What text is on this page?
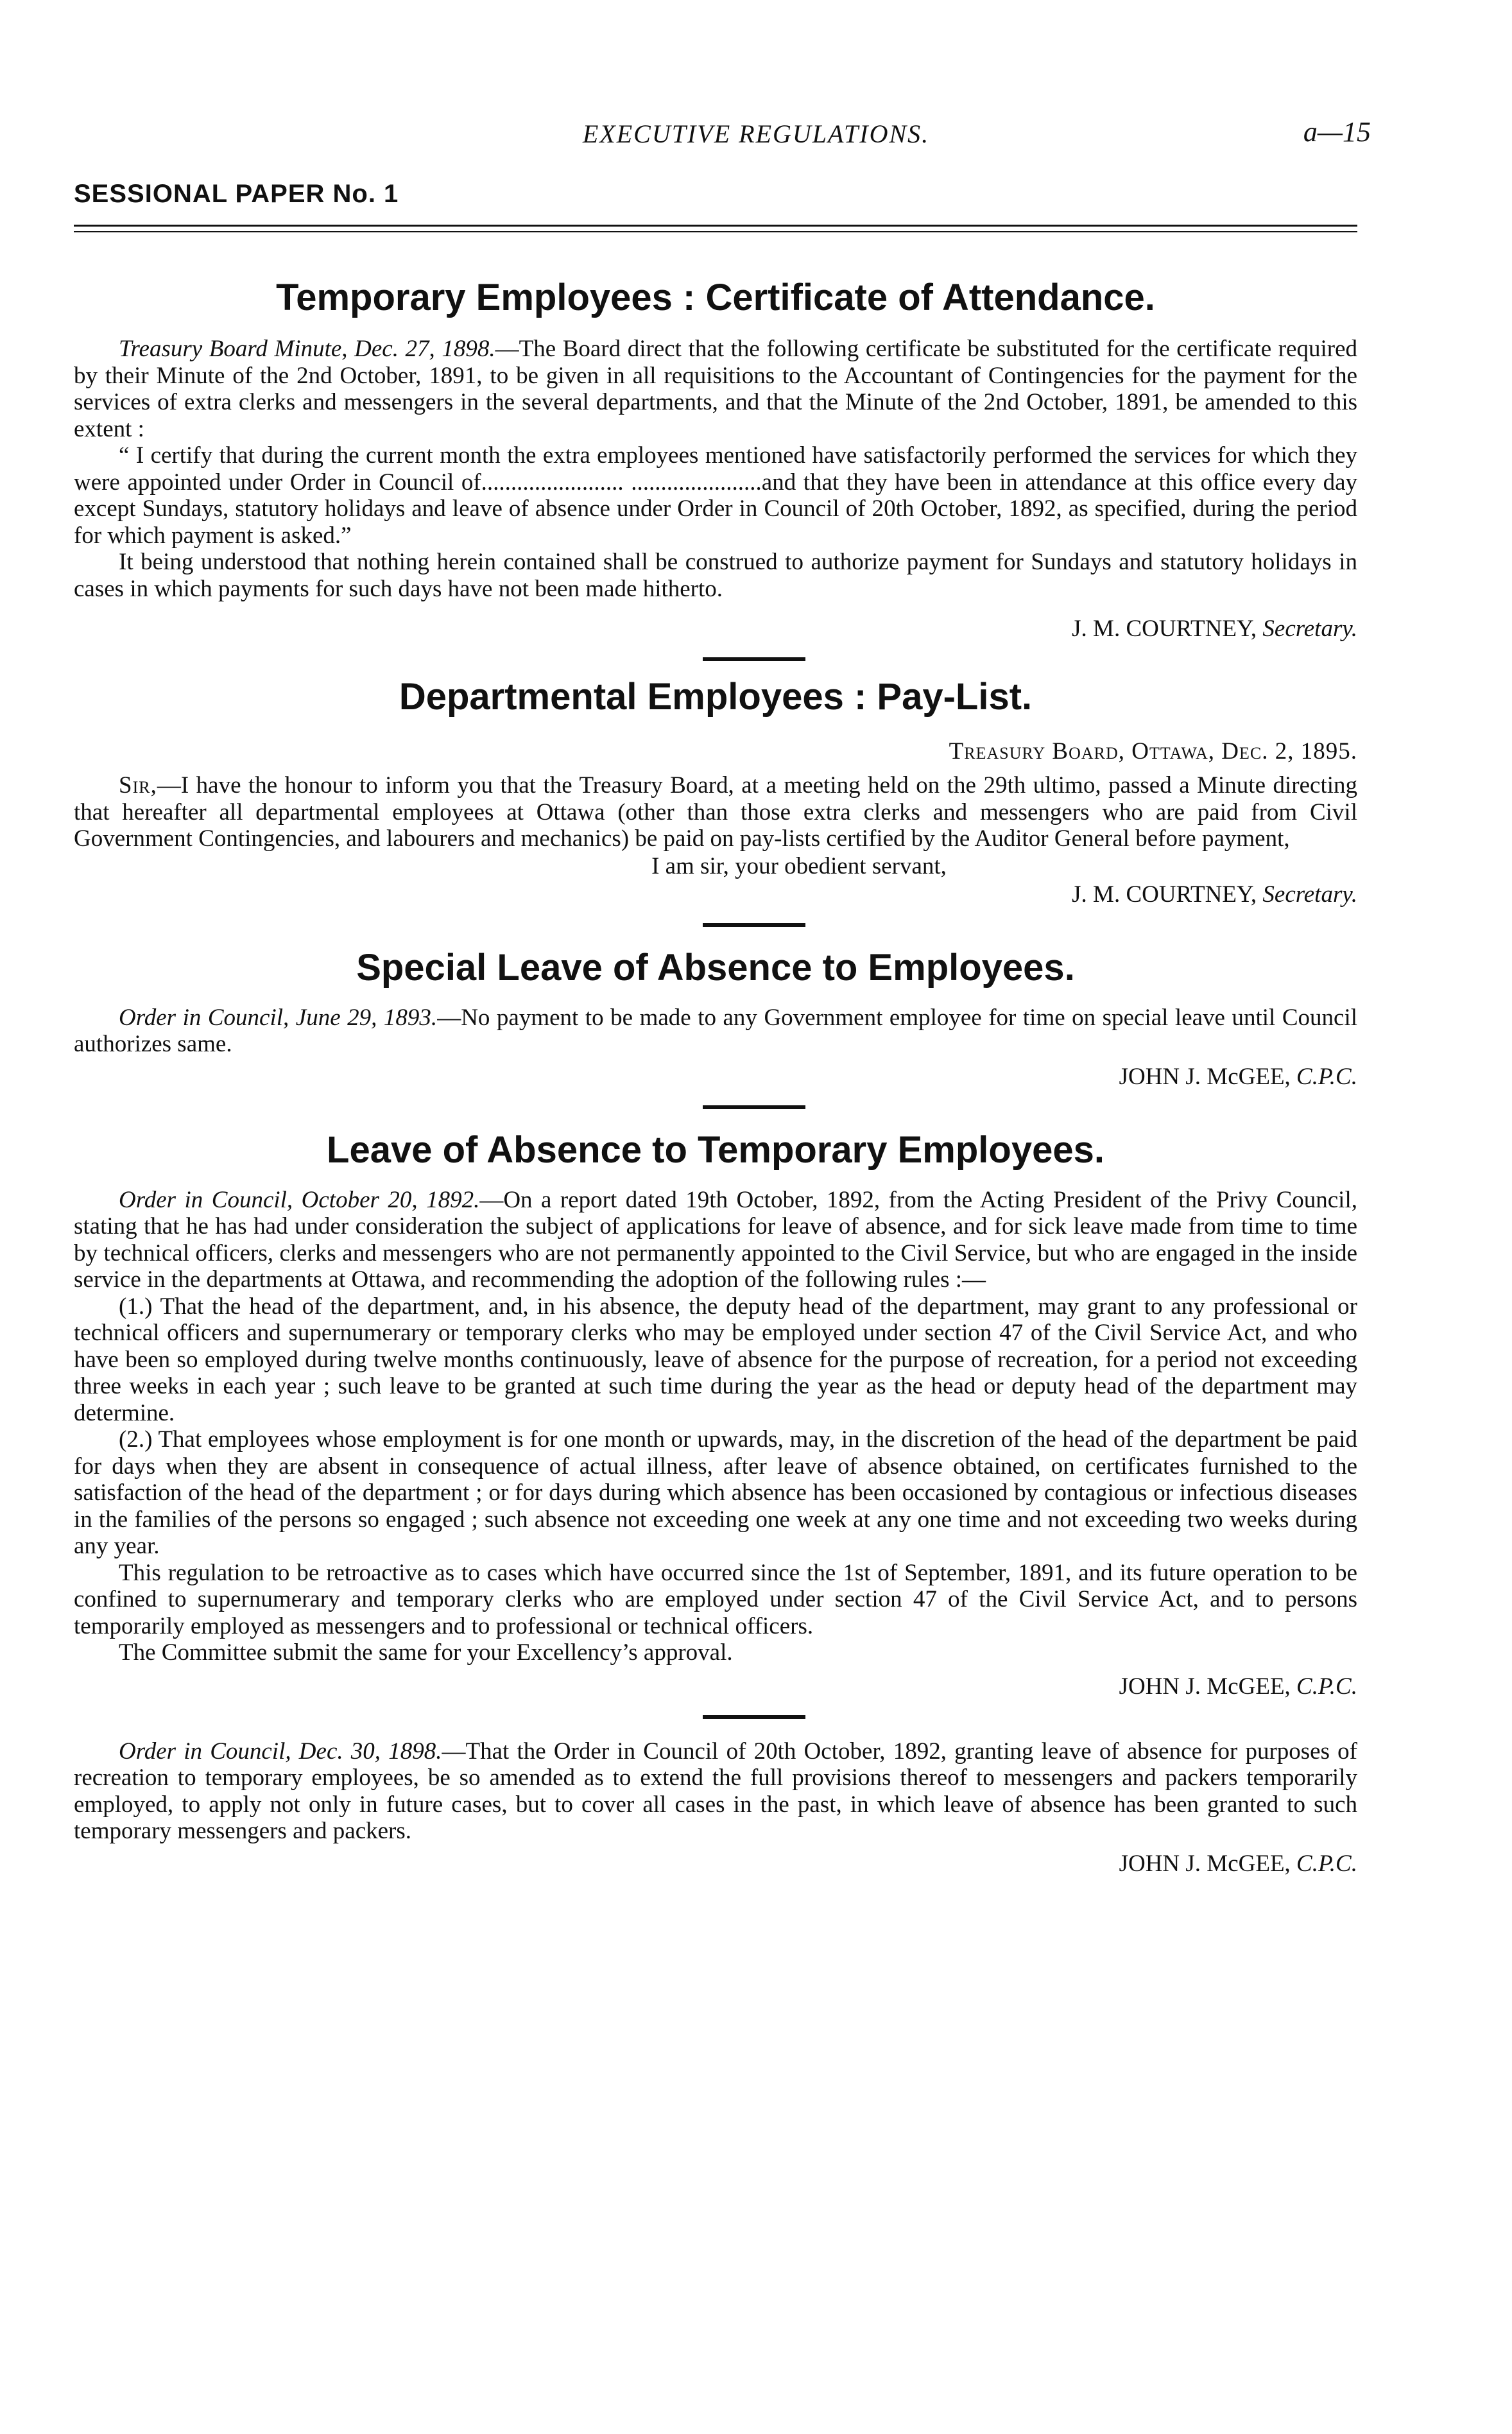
EXECUTIVE REGULATIONS.	a—15
SESSIONAL PAPER No. 1
Temporary Employees : Certificate of Attendance.

Treasury Board Minute, Dec. 27, 1898.—The Board direct that the following certificate be substituted for the certificate required by their Minute of the 2nd October, 1891, to be given in all requisitions to the Accountant of Contingencies for the payment for the services of extra clerks and messengers in the several departments, and that the Minute of the 2nd October, 1891, be amended to this extent :

“ I certify that during the current month the extra employees mentioned have satisfactorily performed the services for which they were appointed under Order in Council of........................ ......................and that they have been in attendance at this office every day except Sundays, statutory holidays and leave of absence under Order in Council of 20th October, 1892, as specified, during the period for which payment is asked.”

It being understood that nothing herein contained shall be construed to authorize payment for Sundays and statutory holidays in cases in which payments for such days have not been made hitherto.

J. M. COURTNEY, Secretary.
Departmental Employees : Pay-List.
Treasury Board, Ottawa, Dec. 2, 1895.

Sir,—I have the honour to inform you that the Treasury Board, at a meeting held on the 29th ultimo, passed a Minute directing that hereafter all departmental employees at Ottawa (other than those extra clerks and messengers who are paid from Civil Government Contingencies, and labourers and mechanics) be paid on pay-lists certified by the Auditor General before payment,

I am sir, your obedient servant,
J. M. COURTNEY, Secretary.
Special Leave of Absence to Employees.

Order in Council, June 29, 1893.—No payment to be made to any Government employee for time on special leave until Council authorizes same.

JOHN J. McGEE, C.P.C.
Leave of Absence to Temporary Employees.

Order in Council, October 20, 1892.—On a report dated 19th October, 1892, from the Acting President of the Privy Council, stating that he has had under consideration the subject of applications for leave of absence, and for sick leave made from time to time by technical officers, clerks and messengers who are not permanently appointed to the Civil Service, but who are engaged in the inside service in the departments at Ottawa, and recommending the adoption of the following rules :—

(1.) That the head of the department, and, in his absence, the deputy head of the department, may grant to any professional or technical officers and supernumerary or temporary clerks who may be employed under section 47 of the Civil Service Act, and who have been so employed during twelve months continuously, leave of absence for the purpose of recreation, for a period not exceeding three weeks in each year ; such leave to be granted at such time during the year as the head or deputy head of the department may determine.

(2.) That employees whose employment is for one month or upwards, may, in the discretion of the head of the department be paid for days when they are absent in consequence of actual illness, after leave of absence obtained, on certificates furnished to the satisfaction of the head of the department ; or for days during which absence has been occasioned by contagious or infectious diseases in the families of the persons so engaged ; such absence not exceeding one week at any one time and not exceeding two weeks during any year.

This regulation to be retroactive as to cases which have occurred since the 1st of September, 1891, and its future operation to be confined to supernumerary and temporary clerks who are employed under section 47 of the Civil Service Act, and to persons temporarily employed as messengers and to professional or technical officers.

The Committee submit the same for your Excellency’s approval.

JOHN J. McGEE, C.P.C.

Order in Council, Dec. 30, 1898.—That the Order in Council of 20th October, 1892, granting leave of absence for purposes of recreation to temporary employees, be so amended as to extend the full provisions thereof to messengers and packers temporarily employed, to apply not only in future cases, but to cover all cases in the past, in which leave of absence has been granted to such temporary messengers and packers.

JOHN J. McGEE, C.P.C.
